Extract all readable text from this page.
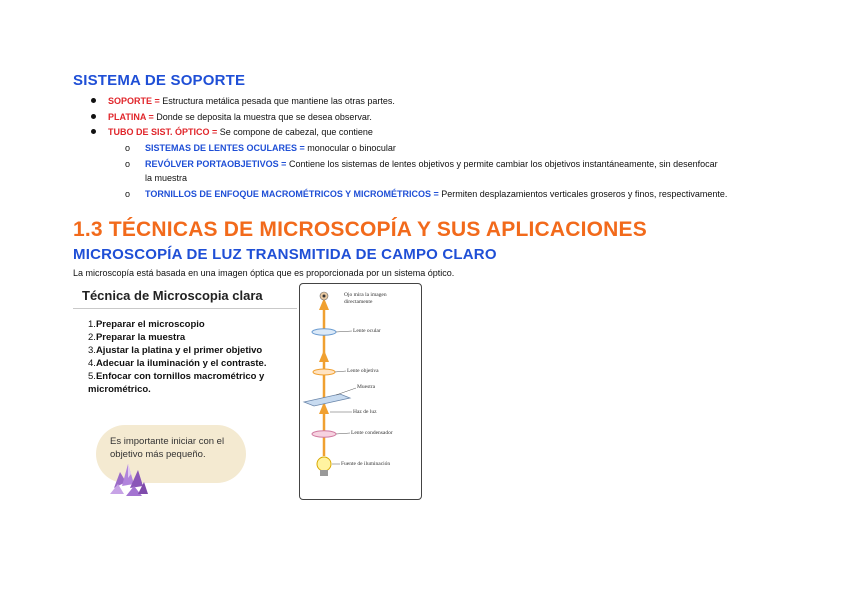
SISTEMA DE SOPORTE
SOPORTE = Estructura metálica pesada que mantiene las otras partes.
PLATINA = Donde se deposita la muestra que se desea observar.
TUBO DE SIST. ÓPTICO = Se compone de cabezal, que contiene
o SISTEMAS DE LENTES OCULARES = monocular o binocular
o REVÓLVER PORTAOBJETIVOS = Contiene los sistemas de lentes objetivos y permite cambiar los objetivos instantáneamente, sin desenfocar
la muestra
o TORNILLOS DE ENFOQUE MACROMÉTRICOS Y MICROMÉTRICOS = Permiten desplazamientos verticales groseros y finos, respectivamente.
1.3 TÉCNICAS DE MICROSCOPÍA Y SUS APLICACIONES
MICROSCOPÍA DE LUZ TRANSMITIDA DE CAMPO CLARO
La microscopía está basada en una imagen óptica que es proporcionada por un sistema óptico.
Técnica de Microscopia clara
1.Preparar el microscopio
2.Preparar la muestra
3.Ajustar la platina y el primer objetivo
4.Adecuar la iluminación y el contraste.
5.Enfocar con tornillos macrométrico y micrométrico.
Es importante iniciar con el objetivo más pequeño.
Ojo mira la imagen directamente
Lente ocular
Lente objetiva
Muestra
Haz de luz
Lente condensador
Fuente de iluminación
